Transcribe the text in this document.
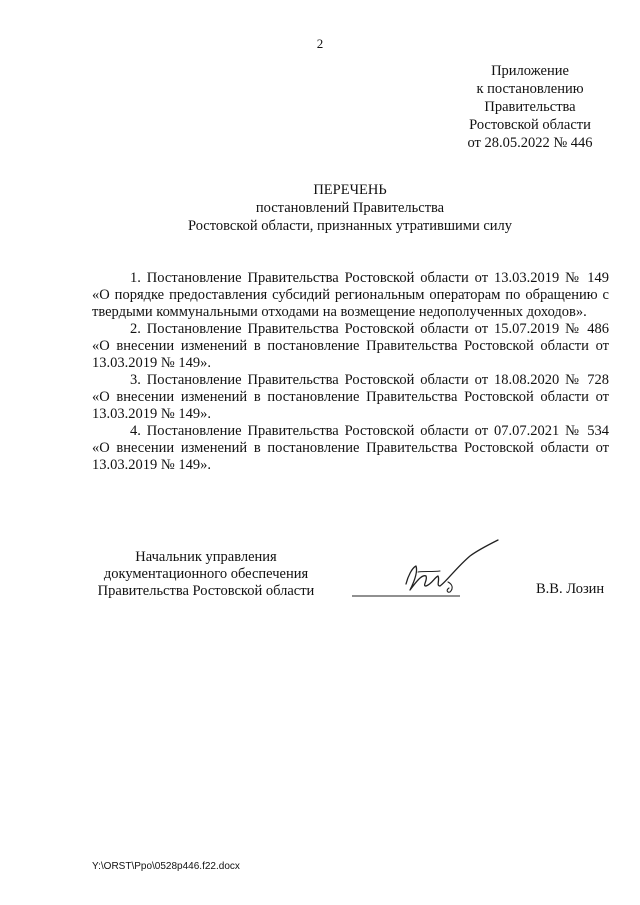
2
Приложение
к постановлению
Правительства
Ростовской области
от 28.05.2022 № 446
ПЕРЕЧЕНЬ
постановлений Правительства
Ростовской области, признанных утратившими силу

1. Постановление Правительства Ростовской области от 13.03.2019 № 149 «О порядке предоставления субсидий региональным операторам по обращению с твердыми коммунальными отходами на возмещение недополученных доходов».

2. Постановление Правительства Ростовской области от 15.07.2019 № 486 «О внесении изменений в постановление Правительства Ростовской области от 13.03.2019 № 149».

3. Постановление Правительства Ростовской области от 18.08.2020 № 728 «О внесении изменений в постановление Правительства Ростовской области от 13.03.2019 № 149».

4. Постановление Правительства Ростовской области от 07.07.2021 № 534 «О внесении изменений в постановление Правительства Ростовской области от 13.03.2019 № 149».

Начальник управления
документационного обеспечения
Правительства Ростовской области	В.В. Лозин
Y:\ORST\Ppo\0528p446.f22.docx
